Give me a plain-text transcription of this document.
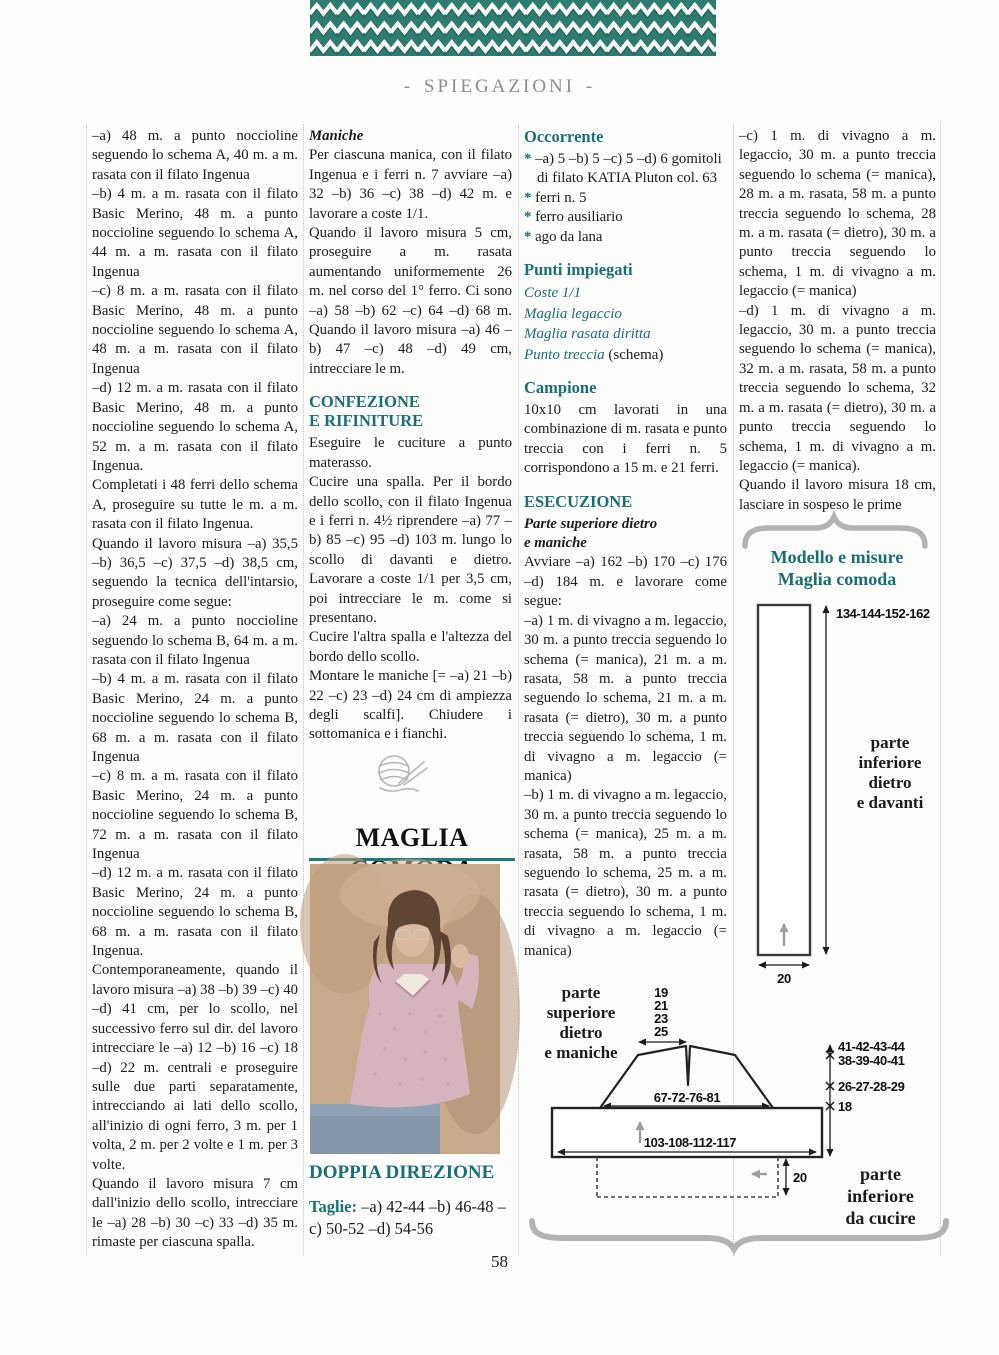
- SPIEGAZIONI -

–a) 48 m. a punto noccioline seguendo lo schema A, 40 m. a m. rasata con il filato Ingenua

–b) 4 m. a m. rasata con il filato Basic Merino, 48 m. a punto noccioline seguendo lo schema A, 44 m. a m. rasata con il filato Ingenua

–c) 8 m. a m. rasata con il filato Basic Merino, 48 m. a punto noccioline seguendo lo schema A, 48 m. a m. rasata con il filato Ingenua

–d) 12 m. a m. rasata con il filato Basic Merino, 48 m. a punto noccioline seguendo lo schema A, 52 m. a m. rasata con il filato Ingenua.

Completati i 48 ferri dello schema A, proseguire su tutte le m. a m. rasata con il filato Ingenua.

Quando il lavoro misura –a) 35,5 –b) 36,5 –c) 37,5 –d) 38,5 cm, seguendo la tecnica dell'intarsio, proseguire come segue:

–a) 24 m. a punto noccioline seguendo lo schema B, 64 m. a m. rasata con il filato Ingenua

–b) 4 m. a m. rasata con il filato Basic Merino, 24 m. a punto noccioline seguendo lo schema B, 68 m. a m. rasata con il filato Ingenua

–c) 8 m. a m. rasata con il filato Basic Merino, 24 m. a punto noccioline seguendo lo schema B, 72 m. a m. rasata con il filato Ingenua

–d) 12 m. a m. rasata con il filato Basic Merino, 24 m. a punto noccioline seguendo lo schema B, 68 m. a m. rasata con il filato Ingenua.

Contemporaneamente, quando il lavoro misura –a) 38 –b) 39 –c) 40 –d) 41 cm, per lo scollo, nel successivo ferro sul dir. del lavoro intrecciare le –a) 12 –b) 16 –c) 18 –d) 22 m. centrali e proseguire sulle due parti separatamente, intrecciando ai lati dello scollo, all'inizio di ogni ferro, 3 m. per 1 volta, 2 m. per 2 volte e 1 m. per 3 volte.

Quando il lavoro misura 7 cm dall'inizio dello scollo, intrecciare le –a) 28 –b) 30 –c) 33 –d) 35 m. rimaste per ciascuna spalla.

Maniche

Per ciascuna manica, con il filato Ingenua e i ferri n. 7 avviare –a) 32 –b) 36 –c) 38 –d) 42 m. e lavorare a coste 1/1.

Quando il lavoro misura 5 cm, proseguire a m. rasata aumentando uniformemente 26 m. nel corso del 1° ferro. Ci sono –a) 58 –b) 62 –c) 64 –d) 68 m. Quando il lavoro misura –a) 46 –b) 47 –c) 48 –d) 49 cm, intrecciare le m.

CONFEZIONE
E RIFINITURE

Eseguire le cuciture a punto materasso.

Cucire una spalla. Per il bordo dello scollo, con il filato Ingenua e i ferri n. 4½ riprendere –a) 77 –b) 85 –c) 95 –d) 103 m. lungo lo scollo di davanti e dietro. Lavorare a coste 1/1 per 3,5 cm, poi intrecciare le m. come si presentano.

Cucire l'altra spalla e l'altezza del bordo dello scollo.

Montare le maniche [= –a) 21 –b) 22 –c) 23 –d) 24 cm di ampiezza degli scalfi]. Chiudere i sottomanica e i fianchi.

Occorrente

* –a) 5 –b) 5 –c) 5 –d) 6 gomitoli di filato KATIA Pluton col. 63

* ferri n. 5

* ferro ausiliario

* ago da lana

Punti impiegati

Coste 1/1

Maglia legaccio

Maglia rasata diritta

Punto treccia (schema)

Campione

10x10 cm lavorati in una combinazione di m. rasata e punto treccia con i ferri n. 5 corrispondono a 15 m. e 21 ferri.

ESECUZIONE

Parte superiore dietro
e maniche

Avviare –a) 162 –b) 170 –c) 176 –d) 184 m. e lavorare come segue:

–a) 1 m. di vivagno a m. legaccio, 30 m. a punto treccia seguendo lo schema (= manica), 21 m. a m. rasata, 58 m. a punto treccia seguendo lo schema, 21 m. a m. rasata (= dietro), 30 m. a punto treccia seguendo lo schema, 1 m. di vivagno a m. legaccio (= manica)

–b) 1 m. di vivagno a m. legaccio, 30 m. a punto treccia seguendo lo schema (= manica), 25 m. a m. rasata, 58 m. a punto treccia seguendo lo schema, 25 m. a m. rasata (= dietro), 30 m. a punto treccia seguendo lo schema, 1 m. di vivagno a m. legaccio (= manica)

–c) 1 m. di vivagno a m. legaccio, 30 m. a punto treccia seguendo lo schema (= manica), 28 m. a m. rasata, 58 m. a punto treccia seguendo lo schema, 28 m. a m. rasata (= dietro), 30 m. a punto treccia seguendo lo schema, 1 m. di vivagno a m. legaccio (= manica)

–d) 1 m. di vivagno a m. legaccio, 30 m. a punto treccia seguendo lo schema (= manica), 32 m. a m. rasata, 58 m. a punto treccia seguendo lo schema, 32 m. a m. rasata (= dietro), 30 m. a punto treccia seguendo lo schema, 1 m. di vivagno a m. legaccio (= manica).

Quando il lavoro misura 18 cm, lasciare in sospeso le prime

MAGLIA
DOPPIA DIREZIONE

Taglie: –a) 42-44 –b) 46-48 –c) 50-52 –d) 54-56

134-144-152-162
20
Modello e misure
Maglia comoda
parte
inferiore
dietro
e davanti
19
21
23
25
67-72-76-81
103-108-112-117
20
41-42-43-44
38-39-40-41
26-27-28-29
18
parte
superiore
dietro
e maniche
parte
inferiore
da cucire
58
